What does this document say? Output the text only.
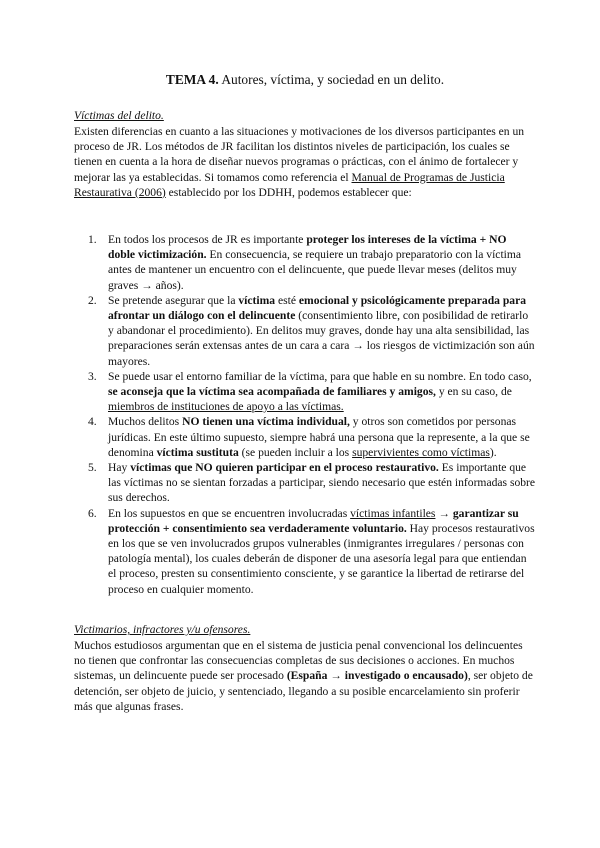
TEMA 4. Autores, víctima, y sociedad en un delito.
Víctimas del delito.

Existen diferencias en cuanto a las situaciones y motivaciones de los diversos participantes en un proceso de JR. Los métodos de JR facilitan los distintos niveles de participación, los cuales se tienen en cuenta a la hora de diseñar nuevos programas o prácticas, con el ánimo de fortalecer y mejorar las ya establecidas. Si tomamos como referencia el Manual de Programas de Justicia Restaurativa (2006) establecido por los DDHH, podemos establecer que:

1. En todos los procesos de JR es importante proteger los intereses de la víctima + NO doble victimización. En consecuencia, se requiere un trabajo preparatorio con la víctima antes de mantener un encuentro con el delincuente, que puede llevar meses (delitos muy graves → años).

2. Se pretende asegurar que la víctima esté emocional y psicológicamente preparada para afrontar un diálogo con el delincuente (consentimiento libre, con posibilidad de retirarlo y abandonar el procedimiento). En delitos muy graves, donde hay una alta sensibilidad, las preparaciones serán extensas antes de un cara a cara → los riesgos de victimización son aún mayores.

3. Se puede usar el entorno familiar de la víctima, para que hable en su nombre. En todo caso, se aconseja que la víctima sea acompañada de familiares y amigos, y en su caso, de miembros de instituciones de apoyo a las víctimas.

4. Muchos delitos NO tienen una víctima individual, y otros son cometidos por personas jurídicas. En este último supuesto, siempre habrá una persona que la represente, a la que se denomina víctima sustituta (se pueden incluir a los supervivientes como víctimas).

5. Hay víctimas que NO quieren participar en el proceso restaurativo. Es importante que las víctimas no se sientan forzadas a participar, siendo necesario que estén informadas sobre sus derechos.

6. En los supuestos en que se encuentren involucradas víctimas infantiles → garantizar su protección + consentimiento sea verdaderamente voluntario. Hay procesos restaurativos en los que se ven involucrados grupos vulnerables (inmigrantes irregulares / personas con patología mental), los cuales deberán de disponer de una asesoría legal para que entiendan el proceso, presten su consentimiento consciente, y se garantice la libertad de retirarse del proceso en cualquier momento.

Victimarios, infractores y/u ofensores.

Muchos estudiosos argumentan que en el sistema de justicia penal convencional los delincuentes no tienen que confrontar las consecuencias completas de sus decisiones o acciones. En muchos sistemas, un delincuente puede ser procesado (España → investigado o encausado), ser objeto de detención, ser objeto de juicio, y sentenciado, llegando a su posible encarcelamiento sin proferir más que algunas frases.
